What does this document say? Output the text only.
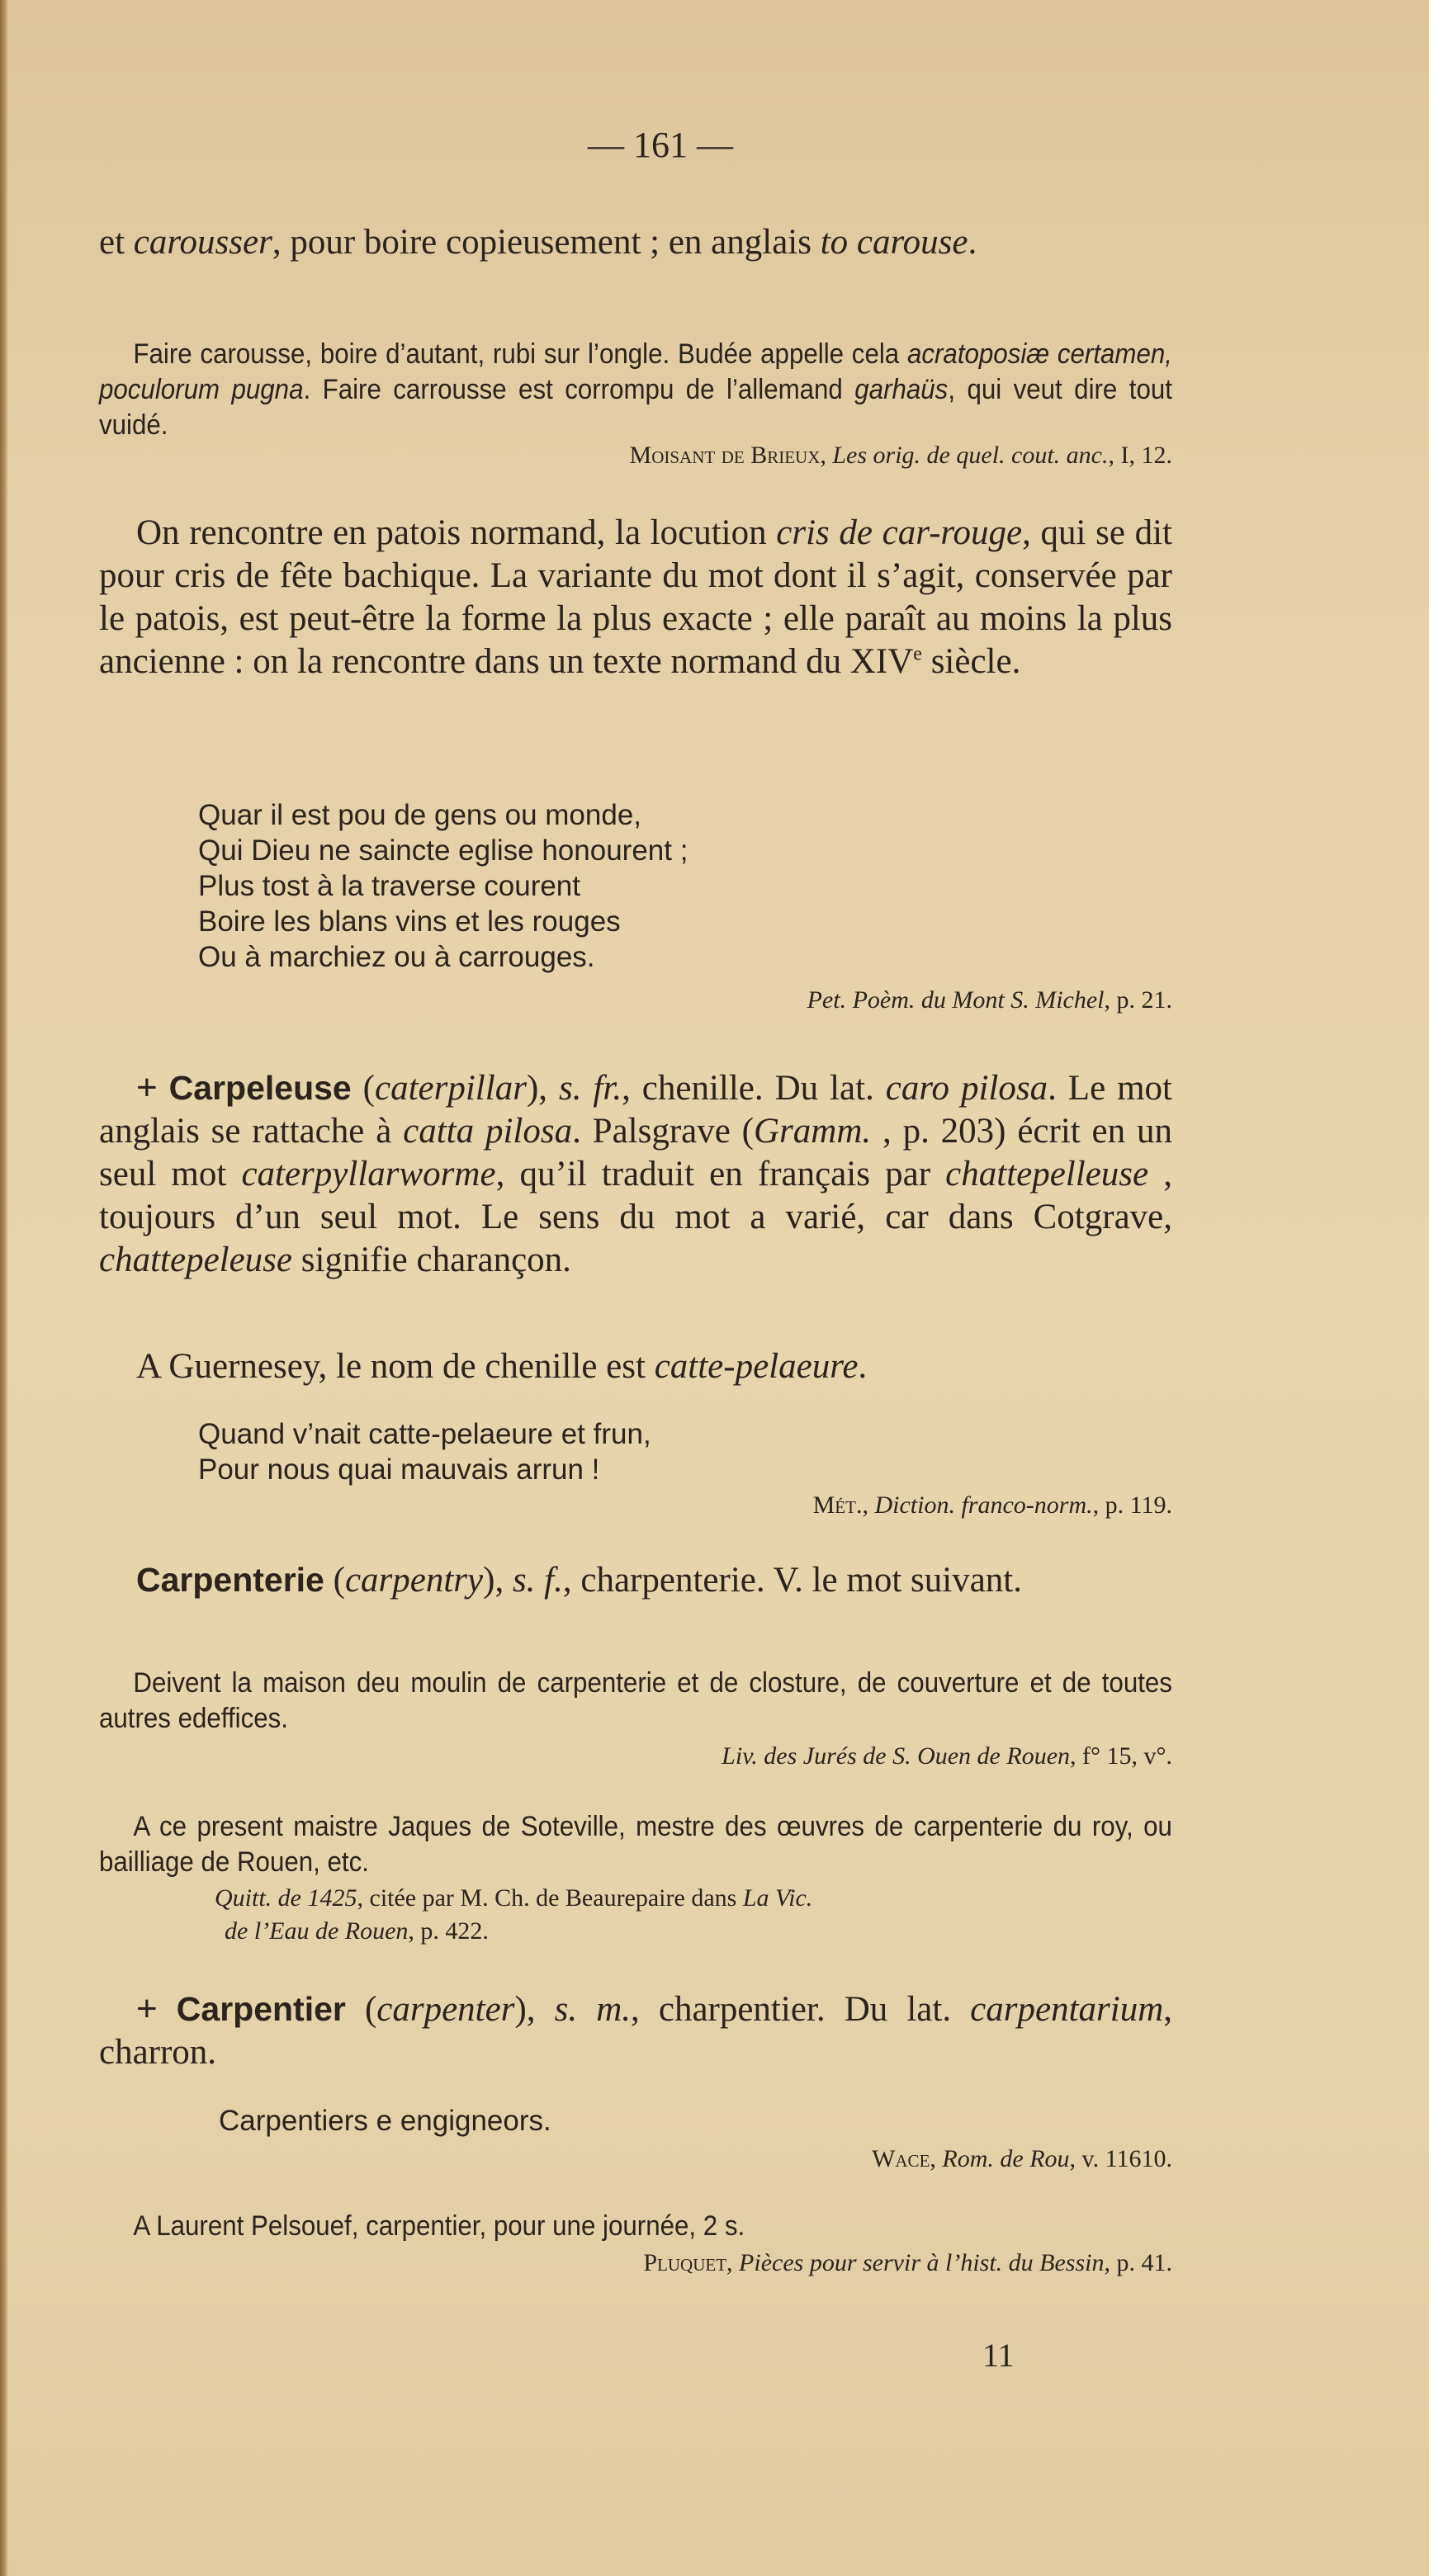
— 161 —

et carousser, pour boire copieusement ; en anglais to carouse.

Faire carousse, boire d’autant, rubi sur l’ongle. Budée appelle cela acratoposiæ certamen, poculorum pugna. Faire carrousse est corrompu de l’allemand garhaüs, qui veut dire tout vuidé.

Moisant de Brieux, Les orig. de quel. cout. anc., I, 12.

On rencontre en patois normand, la locution cris de car-rouge, qui se dit pour cris de fête bachique. La variante du mot dont il s’agit, conservée par le patois, est peut-être la forme la plus exacte ; elle paraît au moins la plus ancienne : on la rencontre dans un texte normand du XIVe siècle.

Quar il est pou de gens ou monde,
Qui Dieu ne saincte eglise honourent ;
Plus tost à la traverse courent
Boire les blans vins et les rouges
Ou à marchiez ou à carrouges.

Pet. Poèm. du Mont S. Michel, p. 21.

+ Carpeleuse (caterpillar), s. fr., chenille. Du lat. caro pilosa. Le mot anglais se rattache à catta pilosa. Palsgrave (Gramm. , p. 203) écrit en un seul mot caterpyllarworme, qu’il traduit en français par chattepelleuse , toujours d’un seul mot. Le sens du mot a varié, car dans Cotgrave, chattepeleuse signifie charançon.

A Guernesey, le nom de chenille est catte-pelaeure.

Quand v’nait catte-pelaeure et frun,
Pour nous quai mauvais arrun !

Mét., Diction. franco-norm., p. 119.

Carpenterie (carpentry), s. f., charpenterie. V. le mot suivant.

Deivent la maison deu moulin de carpenterie et de closture, de couverture et de toutes autres edeffices.

Liv. des Jurés de S. Ouen de Rouen, f° 15, v°.

A ce present maistre Jaques de Soteville, mestre des œuvres de carpenterie du roy, ou bailliage de Rouen, etc.

Quitt. de 1425, citée par M. Ch. de Beaurepaire dans La Vic.
de l’Eau de Rouen, p. 422.

+ Carpentier (carpenter), s. m., charpentier. Du lat. carpentarium, charron.

Carpentiers e engigneors.

Wace, Rom. de Rou, v. 11610.

A Laurent Pelsouef, carpentier, pour une journée, 2 s.

Pluquet, Pièces pour servir à l’hist. du Bessin, p. 41.

11
